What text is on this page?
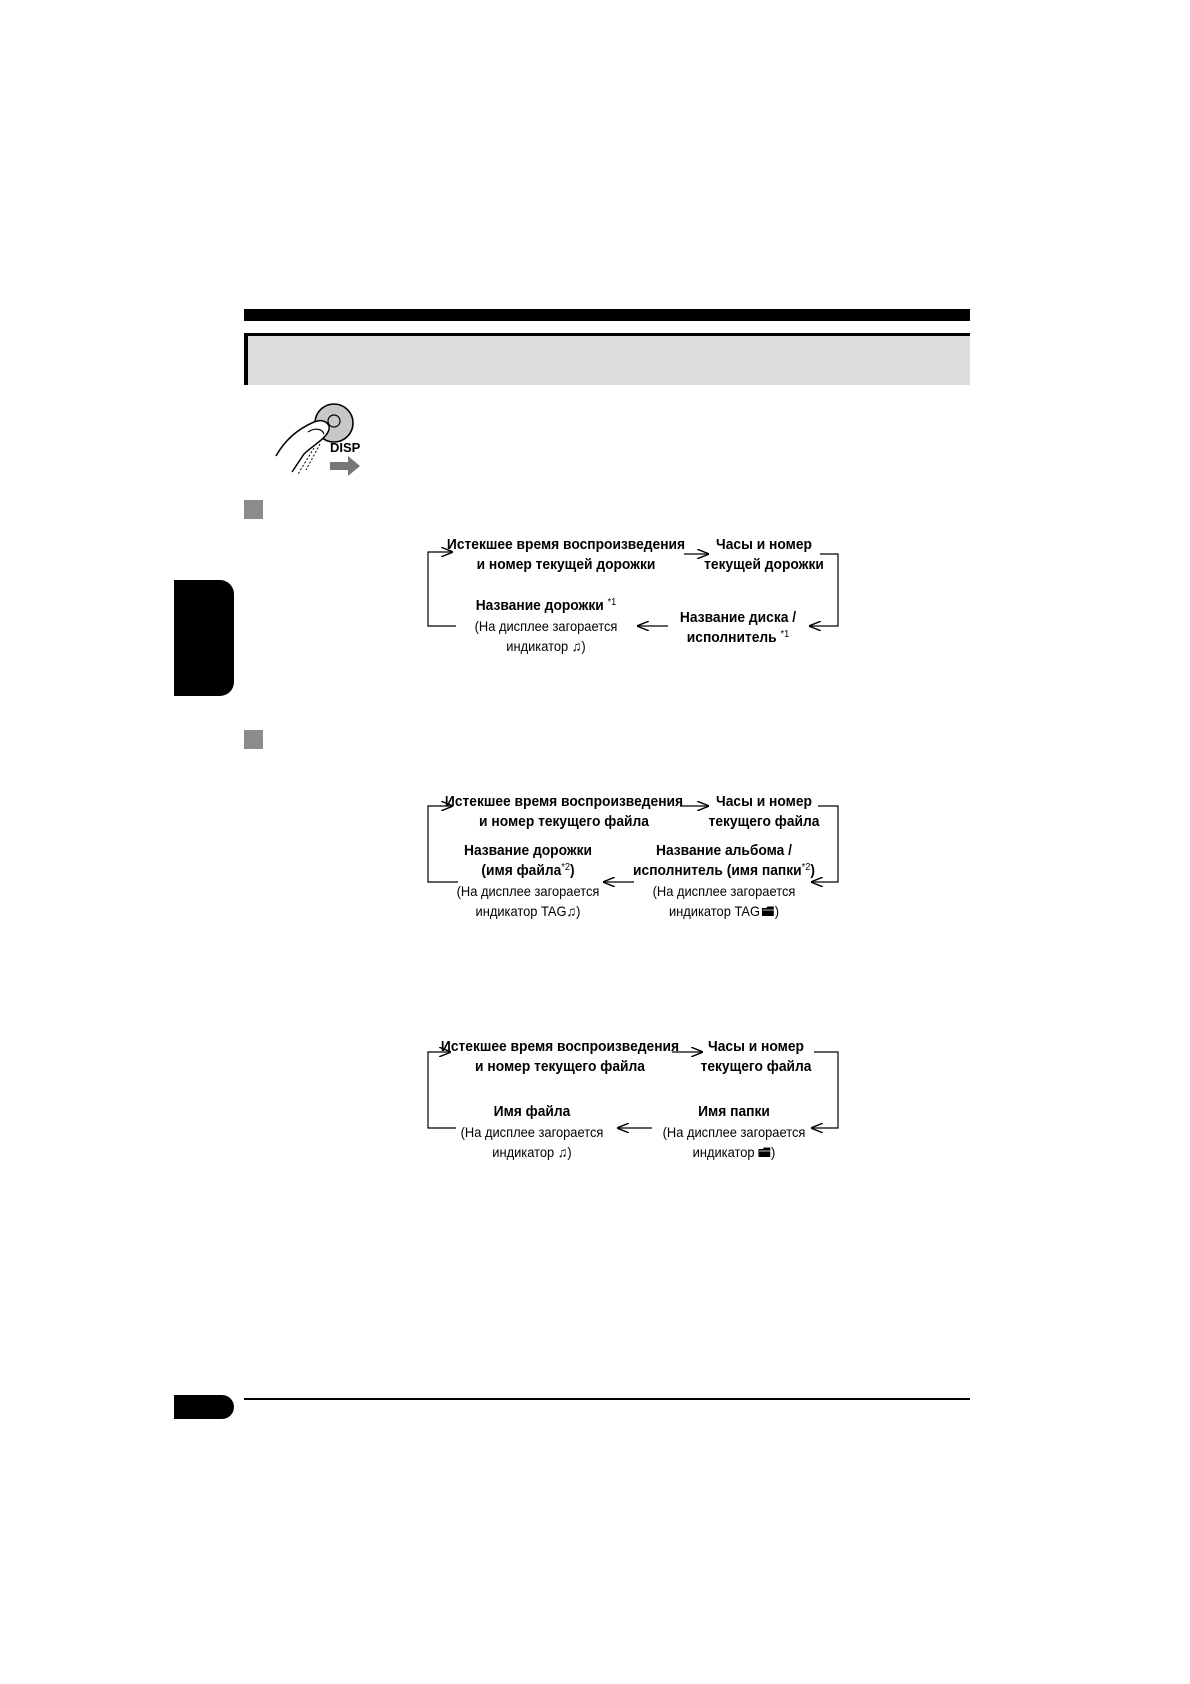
DISP
Истекшее время воспроизведения
и номер текущей дорожки
Часы и номер
текущей дорожки
Название диска /
исполнитель $^{*1}$
Название дорожки $^{*1}$
(На дисплее загорается
индикатор ♫)
Истекшее время воспроизведения
и номер текущего файла
Часы и номер
текущего файла
Название альбома /
исполнитель (имя папки$^{*2}$)
(На дисплее загорается
индикатор TAG )
Название дорожки
(имя файла$^{*2}$)
(На дисплее загорается
индикатор TAG♫)
Истекшее время воспроизведения
и номер текущего файла
Часы и номер
текущего файла
Имя папки
(На дисплее загорается
индикатор )
Имя файла
(На дисплее загорается
индикатор ♫)
